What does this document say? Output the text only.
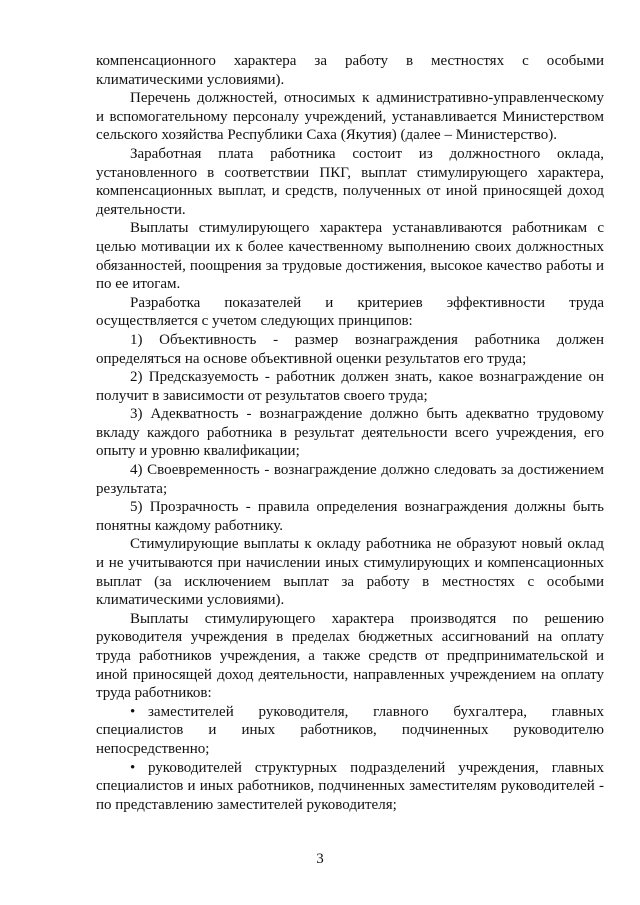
компенсационного характера за работу в местностях с особыми климатическими условиями).

Перечень должностей, относимых к административно-управленческому и вспомогательному персоналу учреждений, устанавливается Министерством сельского хозяйства Республики Саха (Якутия) (далее – Министерство).

Заработная плата работника состоит из должностного оклада, установленного в соответствии ПКГ, выплат стимулирующего характера, компенсационных выплат, и средств, полученных от иной приносящей доход деятельности.

Выплаты стимулирующего характера устанавливаются работникам с целью мотивации их к более качественному выполнению своих должностных обязанностей, поощрения за трудовые достижения, высокое качество работы и по ее итогам.

Разработка показателей и критериев эффективности труда осуществляется с учетом следующих принципов:

1) Объективность - размер вознаграждения работника должен определяться на основе объективной оценки результатов его труда;

2) Предсказуемость - работник должен знать, какое вознаграждение он получит в зависимости от результатов своего труда;

3) Адекватность - вознаграждение должно быть адекватно трудовому вкладу каждого работника в результат деятельности всего учреждения, его опыту и уровню квалификации;

4) Своевременность - вознаграждение должно следовать за достижением результата;

5) Прозрачность - правила определения вознаграждения должны быть понятны каждому работнику.

Стимулирующие выплаты к окладу работника не образуют новый оклад и не учитываются при начислении иных стимулирующих и компенсационных выплат (за исключением выплат за работу в местностях с особыми климатическими условиями).

Выплаты стимулирующего характера производятся по решению руководителя учреждения в пределах бюджетных ассигнований на оплату труда работников учреждения, а также средств от предпринимательской и иной приносящей доход деятельности, направленных учреждением на оплату труда работников:

• заместителей руководителя, главного бухгалтера, главных специалистов и иных работников, подчиненных руководителю непосредственно;

• руководителей структурных подразделений учреждения, главных специалистов и иных работников, подчиненных заместителям руководителей - по представлению заместителей руководителя;

3
